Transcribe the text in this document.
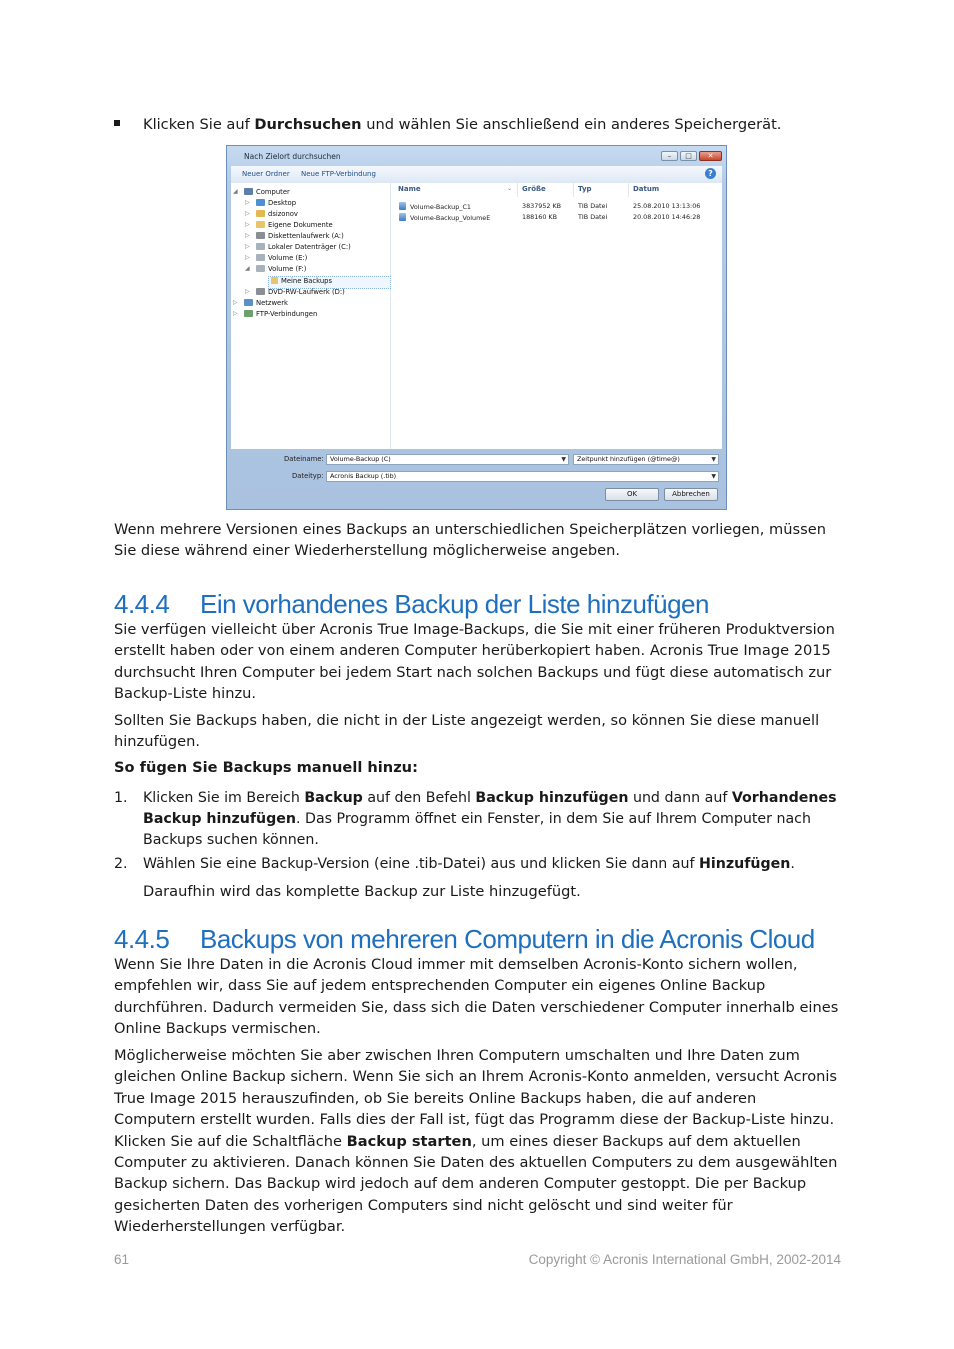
Klicken Sie auf Durchsuchen und wählen Sie anschließend ein anderes Speichergerät.
Nach Zielort durchsuchen	–	□	✕
Neuer Ordner Neue FTP-Verbindung	?
◢	Computer
▷	Desktop
▷	dsizonov
▷	Eigene Dokumente
▷	Diskettenlaufwerk (A:)
▷	Lokaler Datenträger (C:)
▷	Volume (E:)
◢	Volume (F:)
Meine Backups
▷	DVD-RW-Laufwerk (D:)
▷	Netzwerk
▷	FTP-Verbindungen
Name	⌄ Größe	Typ	Datum
Volume-Backup_C1	3837952 KB	TIB Datei	25.08.2010 13:13:06
Volume-Backup_VolumeE	188160 KB	TIB Datei	20.08.2010 14:46:28
Dateiname: Volume-Backup (C)	▼	Zeitpunkt hinzufügen (@time@)	▼
Dateityp:	Acronis Backup (.tib)	▼
OK	Abbrechen

Wenn mehrere Versionen eines Backups an unterschiedlichen Speicherplätzen vorliegen, müssen Sie diese während einer Wiederherstellung möglicherweise angeben.

4.4.4 Ein vorhandenes Backup der Liste hinzufügen

Sie verfügen vielleicht über Acronis True Image-Backups, die Sie mit einer früheren Produktversion erstellt haben oder von einem anderen Computer herüberkopiert haben. Acronis True Image 2015 durchsucht Ihren Computer bei jedem Start nach solchen Backups und fügt diese automatisch zur Backup-Liste hinzu.

Sollten Sie Backups haben, die nicht in der Liste angezeigt werden, so können Sie diese manuell hinzufügen.

So fügen Sie Backups manuell hinzu:

1. Klicken Sie im Bereich Backup auf den Befehl Backup hinzufügen und dann auf Vorhandenes Backup hinzufügen. Das Programm öffnet ein Fenster, in dem Sie auf Ihrem Computer nach Backups suchen können.
2. Wählen Sie eine Backup-Version (eine .tib-Datei) aus und klicken Sie dann auf Hinzufügen.

Daraufhin wird das komplette Backup zur Liste hinzugefügt.

4.4.5 Backups von mehreren Computern in die Acronis Cloud

Wenn Sie Ihre Daten in die Acronis Cloud immer mit demselben Acronis-Konto sichern wollen, empfehlen wir, dass Sie auf jedem entsprechenden Computer ein eigenes Online Backup durchführen. Dadurch vermeiden Sie, dass sich die Daten verschiedener Computer innerhalb eines Online Backups vermischen.

Möglicherweise möchten Sie aber zwischen Ihren Computern umschalten und Ihre Daten zum gleichen Online Backup sichern. Wenn Sie sich an Ihrem Acronis-Konto anmelden, versucht Acronis True Image 2015 herauszufinden, ob Sie bereits Online Backups haben, die auf anderen Computern erstellt wurden. Falls dies der Fall ist, fügt das Programm diese der Backup-Liste hinzu. Klicken Sie auf die Schaltfläche Backup starten, um eines dieser Backups auf dem aktuellen Computer zu aktivieren. Danach können Sie Daten des aktuellen Computers zu dem ausgewählten Backup sichern. Das Backup wird jedoch auf dem anderen Computer gestoppt. Die per Backup gesicherten Daten des vorherigen Computers sind nicht gelöscht und sind weiter für Wiederherstellungen verfügbar.

61	Copyright © Acronis International GmbH, 2002-2014
